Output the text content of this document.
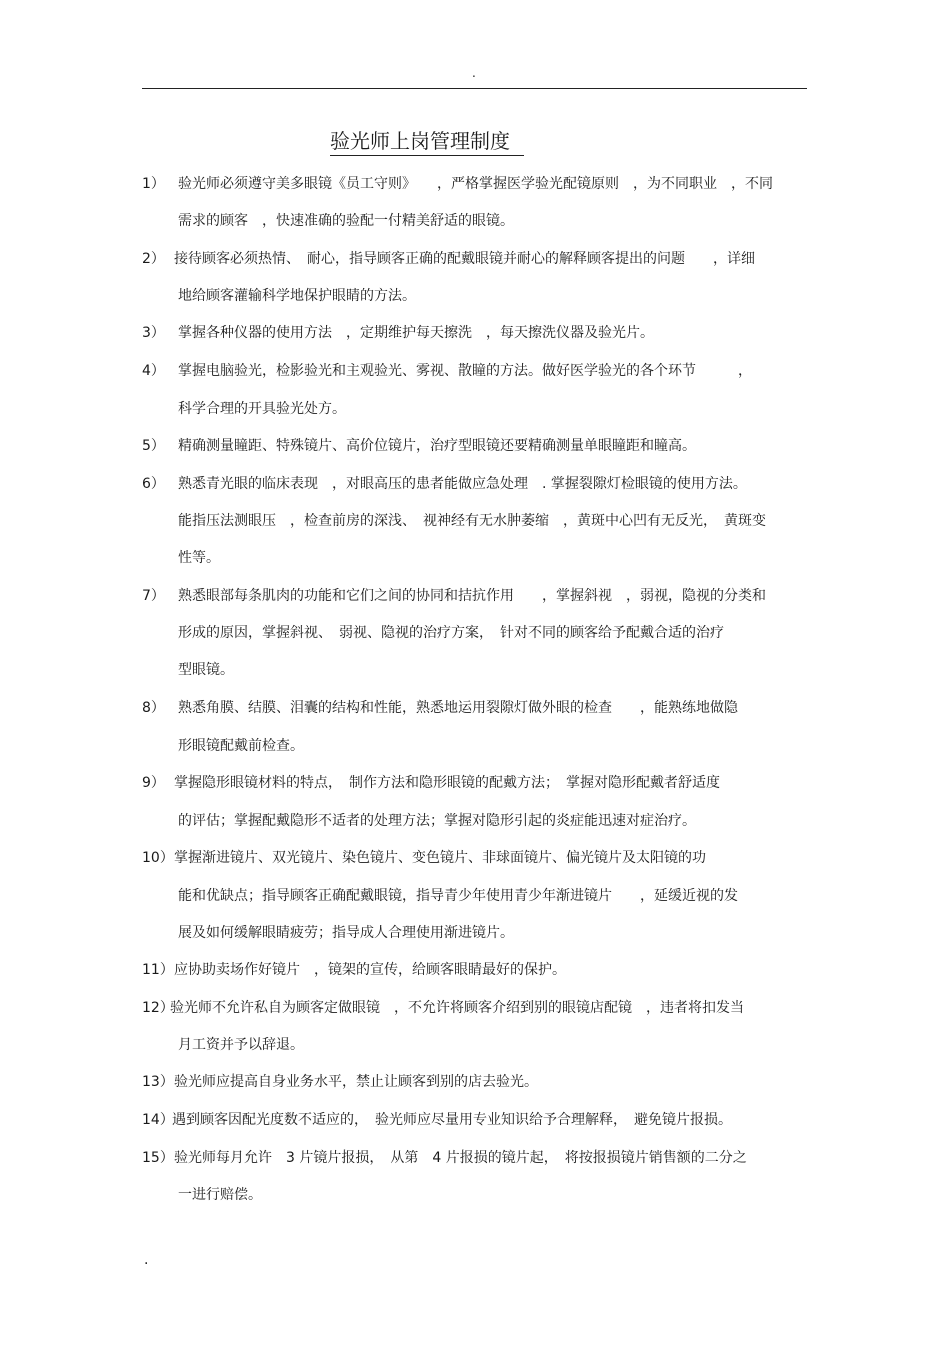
.
验光师上岗管理制度
1） 验光师必须遵守美多眼镜《员工守则》　　，严格掌握医学验光配镜原则　，为不同职业　，不同
需求的顾客　，快速准确的验配一付精美舒适的眼镜。
2） 接待顾客必须热情、　耐心，指导顾客正确的配戴眼镜并耐心的解释顾客提出的问题　　，详细
地给顾客灌输科学地保护眼睛的方法。
3） 掌握各种仪器的使用方法　，定期维护每天擦洗　，每天擦洗仪器及验光片。
4） 掌握电脑验光，检影验光和主观验光、雾视、散瞳的方法。做好医学验光的各个环节　　　，
科学合理的开具验光处方。
5） 精确测量瞳距、特殊镜片、高价位镜片，治疗型眼镜还要精确测量单眼瞳距和瞳高。
6） 熟悉青光眼的临床表现　，对眼高压的患者能做应急处理　. 掌握裂隙灯检眼镜的使用方法。
能指压法测眼压　，检查前房的深浅、　视神经有无水肿萎缩　，黄斑中心凹有无反光，　黄斑变
性等。
7） 熟悉眼部每条肌肉的功能和它们之间的协同和拮抗作用　　，掌握斜视　，弱视，隐视的分类和
形成的原因，掌握斜视、　弱视、隐视的治疗方案，　针对不同的顾客给予配戴合适的治疗
型眼镜。
8） 熟悉角膜、结膜、泪囊的结构和性能，熟悉地运用裂隙灯做外眼的检查　　，能熟练地做隐
形眼镜配戴前检查。
9） 掌握隐形眼镜材料的特点，　制作方法和隐形眼镜的配戴方法；　掌握对隐形配戴者舒适度
的评估；掌握配戴隐形不适者的处理方法；掌握对隐形引起的炎症能迅速对症治疗。
10） 掌握渐进镜片、双光镜片、染色镜片、变色镜片、非球面镜片、偏光镜片及太阳镜的功
能和优缺点；指导顾客正确配戴眼镜，指导青少年使用青少年渐进镜片　　，延缓近视的发
展及如何缓解眼睛疲劳；指导成人合理使用渐进镜片。
11） 应协助卖场作好镜片　，镜架的宣传，给顾客眼睛最好的保护。
12）
验光师不允许私自为顾客定做眼镜　，不允许将顾客介绍到别的眼镜店配镜　，违者将扣发当
月工资并予以辞退。
13） 验光师应提高自身业务水平，禁止让顾客到别的店去验光。
14）
遇到顾客因配光度数不适应的，　验光师应尽量用专业知识给予合理解释，　避免镜片报损。
15） 验光师每月允许　3 片镜片报损，　从第　4 片报损的镜片起，　将按报损镜片销售额的二分之
一进行赔偿。
.
